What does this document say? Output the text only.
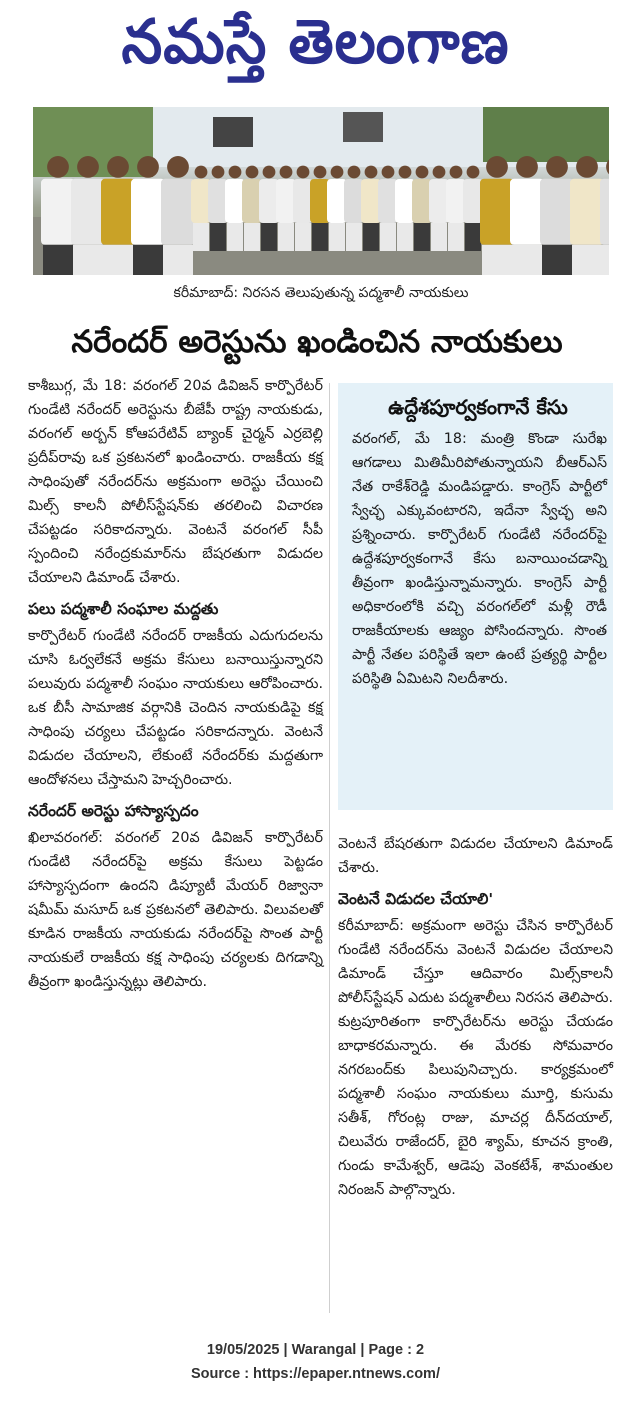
నమస్తే తెలంగాణ
కరీమాబాద్: నిరసన తెలుపుతున్న పద్మశాలీ నాయకులు
నరేందర్ అరెస్టును ఖండించిన నాయకులు

కాశీబుగ్గ, మే 18: వరంగల్ 20వ డివిజన్ కార్పొరేటర్ గుండేటి నరేందర్ అరెస్టును బీజేపీ రాష్ట్ర నాయకుడు, వరంగల్ అర్బన్ కోఆపరేటివ్ బ్యాంక్ చైర్మన్ ఎర్రబెల్లి ప్రదీప్‌రావు ఒక ప్రకటనలో ఖండించారు. రాజకీయ కక్ష సాధింపుతో నరేందర్‌ను అక్రమంగా అరెస్టు చేయించి మిల్స్ కాలనీ పోలీస్‌స్టేషన్‌కు తరలించి విచారణ చేపట్టడం సరికాదన్నారు. వెంటనే వరంగల్ సీపీ స్పందించి నరేంద్రకుమార్‌ను బేషరతుగా విడుదల చేయాలని డిమాండ్ చేశారు.

పలు పద్మశాలీ సంఘాల మద్దతు

కార్పొరేటర్ గుండేటి నరేందర్ రాజకీయ ఎదుగుదలను చూసి ఓర్వలేకనే అక్రమ కేసులు బనాయిస్తున్నారని పలువురు పద్మశాలీ సంఘం నాయకులు ఆరోపించారు. ఒక బీసీ సామాజిక వర్గానికి చెందిన నాయకుడిపై కక్ష సాధింపు చర్యలు చేపట్టడం సరికాదన్నారు. వెంటనే విడుదల చేయాలని, లేకుంటే నరేందర్‌కు మద్దతుగా ఆందోళనలు చేస్తామని హెచ్చరించారు.

నరేందర్ అరెస్టు హాస్యాస్పదం

ఖిలావరంగల్: వరంగల్ 20వ డివిజన్ కార్పొరేటర్ గుండేటి నరేందర్‌పై అక్రమ కేసులు పెట్టడం హాస్యాస్పదంగా ఉందని డిప్యూటీ మేయర్ రిజ్వానా షమీమ్ మసూద్ ఒక ప్రకటనలో తెలిపారు. విలువలతో కూడిన రాజకీయ నాయకుడు నరేందర్‌పై సొంత పార్టీ నాయకులే రాజకీయ కక్ష సాధింపు చర్యలకు దిగడాన్ని తీవ్రంగా ఖండిస్తున్నట్లు తెలిపారు.

ఉద్దేశపూర్వకంగానే కేసు

వరంగల్, మే 18: మంత్రి కొండా సురేఖ ఆగడాలు మితిమీరిపోతున్నాయని బీఆర్‌ఎస్ నేత రాకేశ్‌రెడ్డి మండిపడ్డారు. కాంగ్రెస్ పార్టీలో స్వేచ్ఛ ఎక్కువంటారని, ఇదేనా స్వేచ్ఛ అని ప్రశ్నించారు. కార్పొరేటర్ గుండేటి నరేందర్‌పై ఉద్దేశపూర్వకంగానే కేసు బనాయించడాన్ని తీవ్రంగా ఖండిస్తున్నామన్నారు. కాంగ్రెస్ పార్టీ అధికారంలోకి వచ్చి వరంగల్‌లో మళ్లీ రౌడీ రాజకీయాలకు ఆజ్యం పోసిందన్నారు. సొంత పార్టీ నేతల పరిస్థితే ఇలా ఉంటే ప్రత్యర్థి పార్టీల పరిస్థితి ఏమిటని నిలదీశారు.

వెంటనే బేషరతుగా విడుదల చేయాలని డిమాండ్ చేశారు.

వెంటనే విడుదల చేయాలి'

కరీమాబాద్: అక్రమంగా అరెస్టు చేసిన కార్పొరేటర్ గుండేటి నరేందర్‌ను వెంటనే విడుదల చేయాలని డిమాండ్ చేస్తూ ఆదివారం మిల్స్‌కాలనీ పోలీస్‌స్టేషన్ ఎదుట పద్మశాలీలు నిరసన తెలిపారు. కుట్రపూరితంగా కార్పొరేటర్‌ను అరెస్టు చేయడం బాధాకరమన్నారు. ఈ మేరకు సోమవారం నగరబంద్‌కు పిలుపునిచ్చారు. కార్యక్రమంలో పద్మశాలీ సంఘం నాయకులు మూర్తి, కుసుమ సతీశ్, గోరంట్ల రాజు, మాచర్ల దీన్‌దయాల్, చిలువేరు రాజేందర్, బైరి శ్యామ్, కూచన క్రాంతి, గుండు కామేశ్వర్, ఆడెపు వెంకటేశ్, శామంతుల నిరంజన్ పాల్గొన్నారు.

19/05/2025 | Warangal | Page : 2
Source : https://epaper.ntnews.com/
